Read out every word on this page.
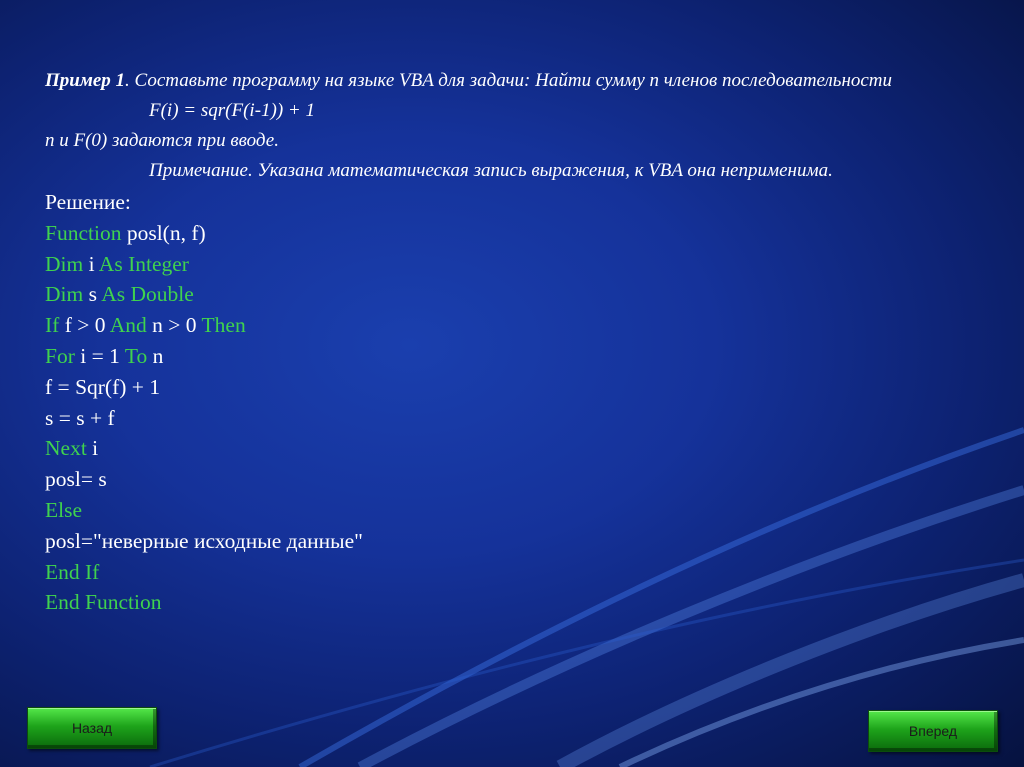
Пример 1. Составьте программу на языке VBA для задачи: Найти сумму n членов последовательности
F(i) = sqr(F(i-1)) + 1
n и F(0) задаются при вводе.
Примечание. Указана математическая запись выражения, к VBA она неприменима.
Решение:
Function posl(n, f)
Dim i As Integer
Dim s As Double
If f > 0 And n > 0 Then
For i = 1 To n
f = Sqr(f) + 1
s = s + f
Next i
posl= s
Else
posl="неверные исходные данные"
End If
End Function
Назад	Вперед
